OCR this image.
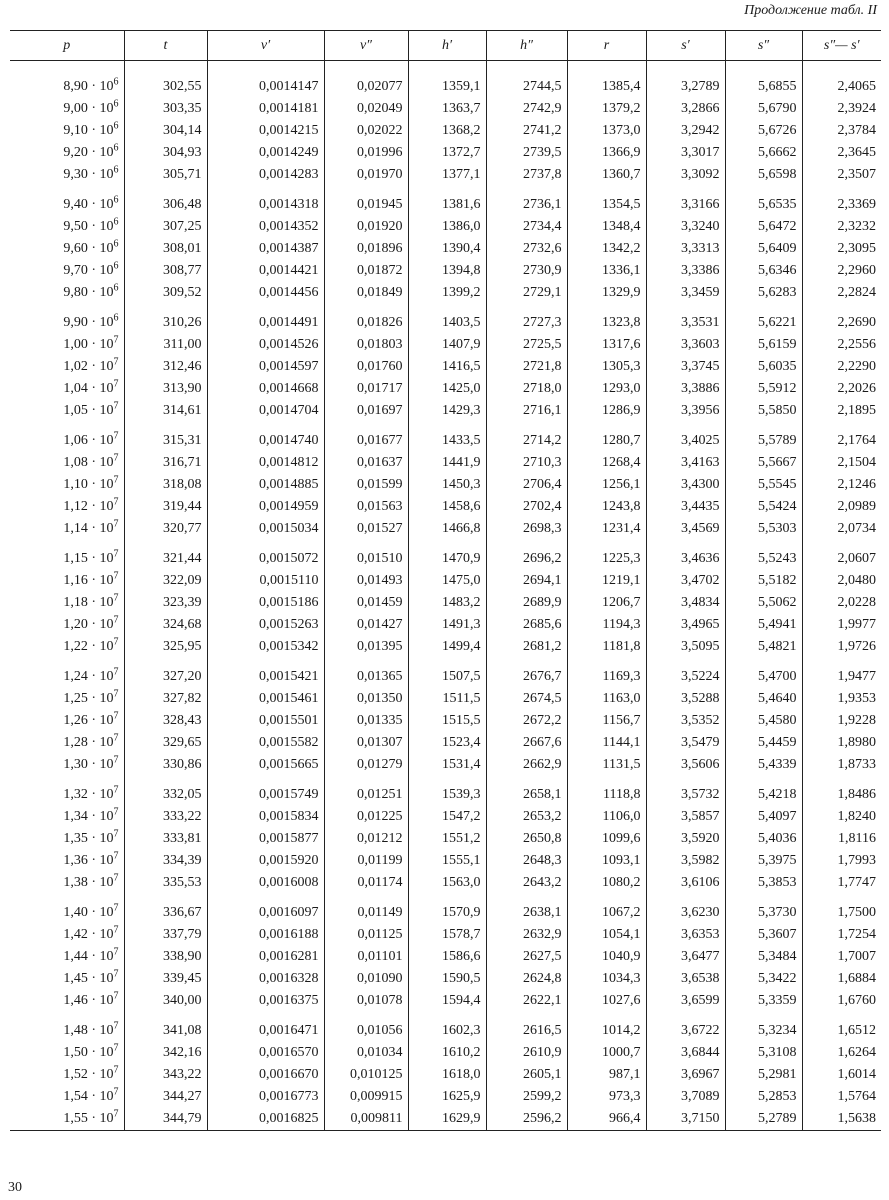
Продолжение табл. II
p	t	v′	v″	h′	h″	r	s′	s″	s″— s′

$8,90 \cdot 10^6$	302,55	0,0014147	0,02077	1359,1	2744,5	1385,4	3,2789	5,6855	2,4065
$9,00 \cdot 10^6$	303,35	0,0014181	0,02049	1363,7	2742,9	1379,2	3,2866	5,6790	2,3924
$9,10 \cdot 10^6$	304,14	0,0014215	0,02022	1368,2	2741,2	1373,0	3,2942	5,6726	2,3784
$9,20 \cdot 10^6$	304,93	0,0014249	0,01996	1372,7	2739,5	1366,9	3,3017	5,6662	2,3645
$9,30 \cdot 10^6$	305,71	0,0014283	0,01970	1377,1	2737,8	1360,7	3,3092	5,6598	2,3507

$9,40 \cdot 10^6$	306,48	0,0014318	0,01945	1381,6	2736,1	1354,5	3,3166	5,6535	2,3369
$9,50 \cdot 10^6$	307,25	0,0014352	0,01920	1386,0	2734,4	1348,4	3,3240	5,6472	2,3232
$9,60 \cdot 10^6$	308,01	0,0014387	0,01896	1390,4	2732,6	1342,2	3,3313	5,6409	2,3095
$9,70 \cdot 10^6$	308,77	0,0014421	0,01872	1394,8	2730,9	1336,1	3,3386	5,6346	2,2960
$9,80 \cdot 10^6$	309,52	0,0014456	0,01849	1399,2	2729,1	1329,9	3,3459	5,6283	2,2824

$9,90 \cdot 10^6$	310,26	0,0014491	0,01826	1403,5	2727,3	1323,8	3,3531	5,6221	2,2690
$1,00 \cdot 10^7$	311,00	0,0014526	0,01803	1407,9	2725,5	1317,6	3,3603	5,6159	2,2556
$1,02 \cdot 10^7$	312,46	0,0014597	0,01760	1416,5	2721,8	1305,3	3,3745	5,6035	2,2290
$1,04 \cdot 10^7$	313,90	0,0014668	0,01717	1425,0	2718,0	1293,0	3,3886	5,5912	2,2026
$1,05 \cdot 10^7$	314,61	0,0014704	0,01697	1429,3	2716,1	1286,9	3,3956	5,5850	2,1895

$1,06 \cdot 10^7$	315,31	0,0014740	0,01677	1433,5	2714,2	1280,7	3,4025	5,5789	2,1764
$1,08 \cdot 10^7$	316,71	0,0014812	0,01637	1441,9	2710,3	1268,4	3,4163	5,5667	2,1504
$1,10 \cdot 10^7$	318,08	0,0014885	0,01599	1450,3	2706,4	1256,1	3,4300	5,5545	2,1246
$1,12 \cdot 10^7$	319,44	0,0014959	0,01563	1458,6	2702,4	1243,8	3,4435	5,5424	2,0989
$1,14 \cdot 10^7$	320,77	0,0015034	0,01527	1466,8	2698,3	1231,4	3,4569	5,5303	2,0734

$1,15 \cdot 10^7$	321,44	0,0015072	0,01510	1470,9	2696,2	1225,3	3,4636	5,5243	2,0607
$1,16 \cdot 10^7$	322,09	0,0015110	0,01493	1475,0	2694,1	1219,1	3,4702	5,5182	2,0480
$1,18 \cdot 10^7$	323,39	0,0015186	0,01459	1483,2	2689,9	1206,7	3,4834	5,5062	2,0228
$1,20 \cdot 10^7$	324,68	0,0015263	0,01427	1491,3	2685,6	1194,3	3,4965	5,4941	1,9977
$1,22 \cdot 10^7$	325,95	0,0015342	0,01395	1499,4	2681,2	1181,8	3,5095	5,4821	1,9726

$1,24 \cdot 10^7$	327,20	0,0015421	0,01365	1507,5	2676,7	1169,3	3,5224	5,4700	1,9477
$1,25 \cdot 10^7$	327,82	0,0015461	0,01350	1511,5	2674,5	1163,0	3,5288	5,4640	1,9353
$1,26 \cdot 10^7$	328,43	0,0015501	0,01335	1515,5	2672,2	1156,7	3,5352	5,4580	1,9228
$1,28 \cdot 10^7$	329,65	0,0015582	0,01307	1523,4	2667,6	1144,1	3,5479	5,4459	1,8980
$1,30 \cdot 10^7$	330,86	0,0015665	0,01279	1531,4	2662,9	1131,5	3,5606	5,4339	1,8733

$1,32 \cdot 10^7$	332,05	0,0015749	0,01251	1539,3	2658,1	1118,8	3,5732	5,4218	1,8486
$1,34 \cdot 10^7$	333,22	0,0015834	0,01225	1547,2	2653,2	1106,0	3,5857	5,4097	1,8240
$1,35 \cdot 10^7$	333,81	0,0015877	0,01212	1551,2	2650,8	1099,6	3,5920	5,4036	1,8116
$1,36 \cdot 10^7$	334,39	0,0015920	0,01199	1555,1	2648,3	1093,1	3,5982	5,3975	1,7993
$1,38 \cdot 10^7$	335,53	0,0016008	0,01174	1563,0	2643,2	1080,2	3,6106	5,3853	1,7747

$1,40 \cdot 10^7$	336,67	0,0016097	0,01149	1570,9	2638,1	1067,2	3,6230	5,3730	1,7500
$1,42 \cdot 10^7$	337,79	0,0016188	0,01125	1578,7	2632,9	1054,1	3,6353	5,3607	1,7254
$1,44 \cdot 10^7$	338,90	0,0016281	0,01101	1586,6	2627,5	1040,9	3,6477	5,3484	1,7007
$1,45 \cdot 10^7$	339,45	0,0016328	0,01090	1590,5	2624,8	1034,3	3,6538	5,3422	1,6884
$1,46 \cdot 10^7$	340,00	0,0016375	0,01078	1594,4	2622,1	1027,6	3,6599	5,3359	1,6760

$1,48 \cdot 10^7$	341,08	0,0016471	0,01056	1602,3	2616,5	1014,2	3,6722	5,3234	1,6512
$1,50 \cdot 10^7$	342,16	0,0016570	0,01034	1610,2	2610,9	1000,7	3,6844	5,3108	1,6264
$1,52 \cdot 10^7$	343,22	0,0016670	0,010125	1618,0	2605,1	987,1	3,6967	5,2981	1,6014
$1,54 \cdot 10^7$	344,27	0,0016773	0,009915	1625,9	2599,2	973,3	3,7089	5,2853	1,5764
$1,55 \cdot 10^7$	344,79	0,0016825	0,009811	1629,9	2596,2	966,4	3,7150	5,2789	1,5638
30
